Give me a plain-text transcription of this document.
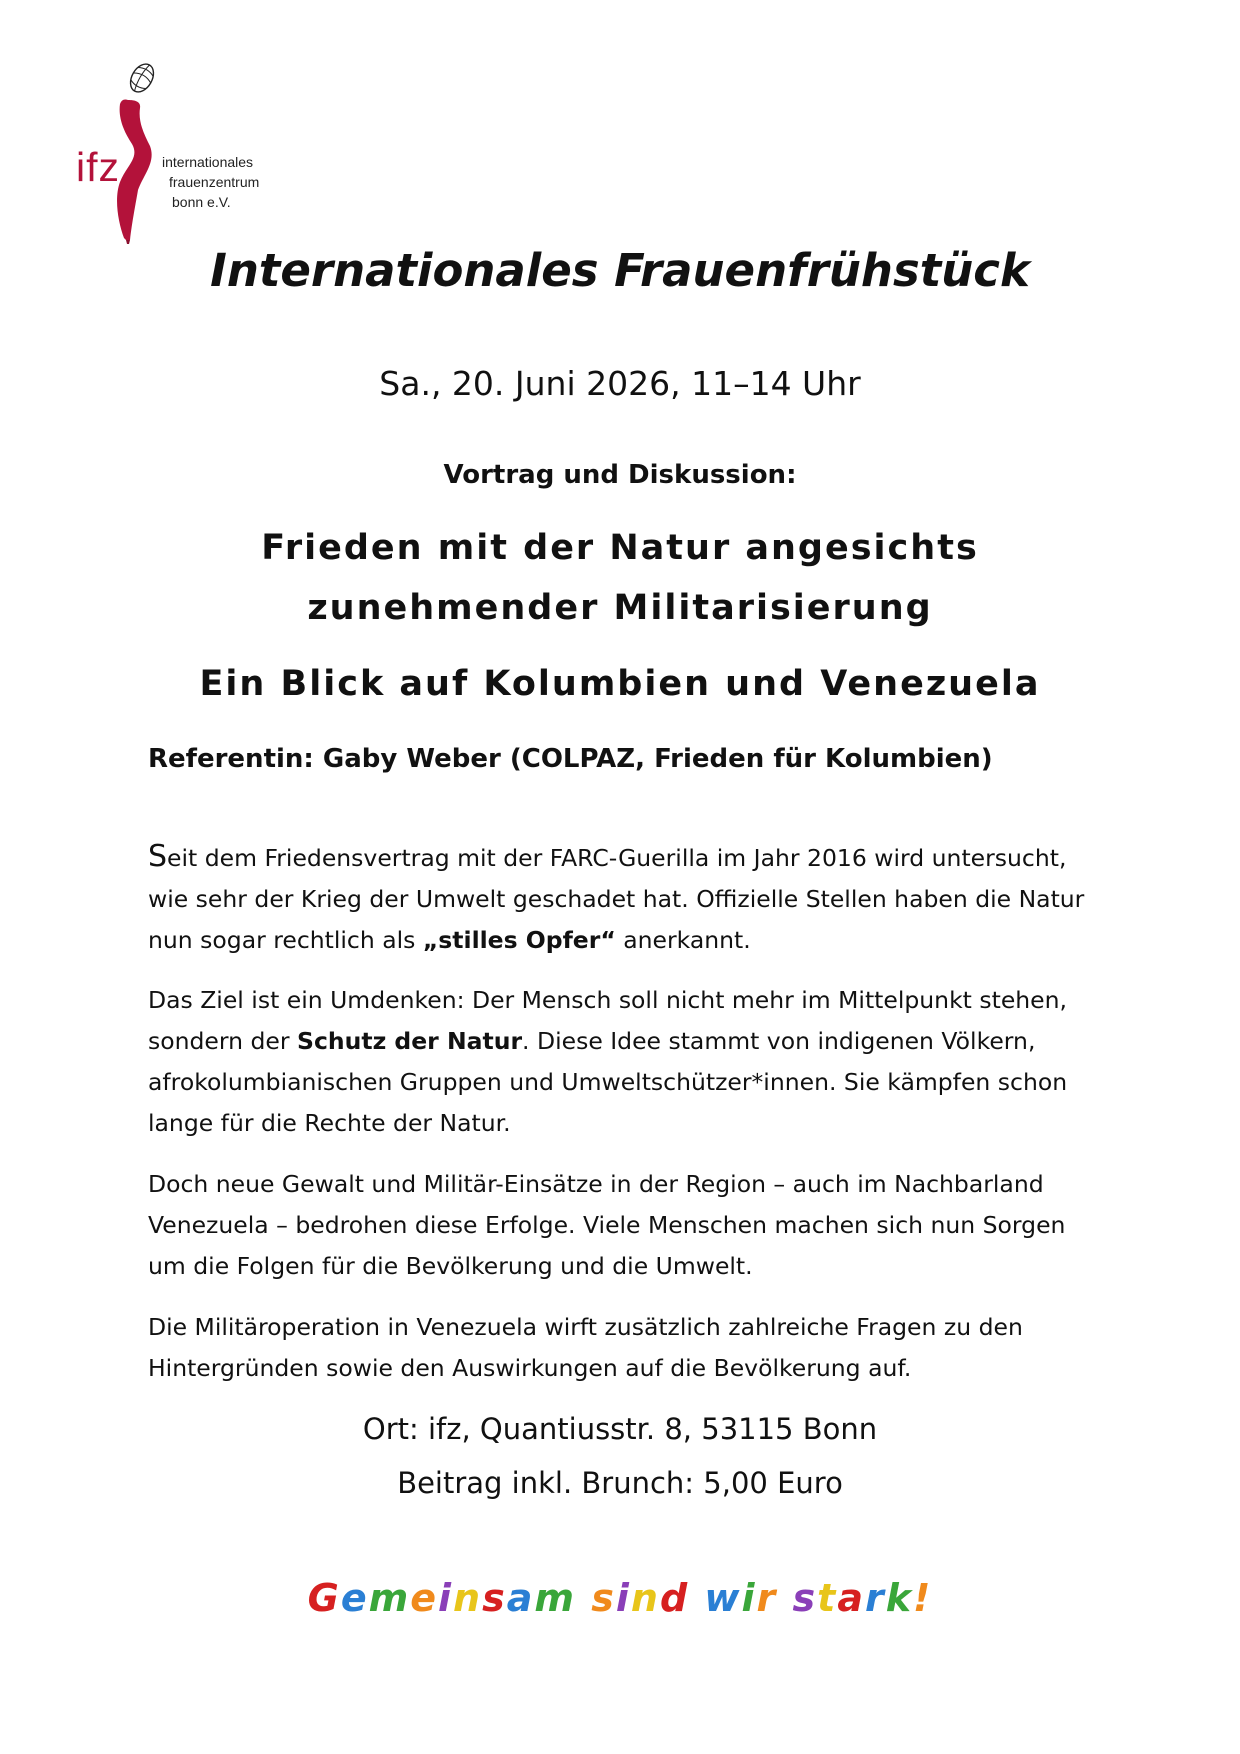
ifz	internationales
frauenzentrum
bonn e.V.
Internationales Frauenfrühstück
Sa., 20. Juni 2026, 11–14 Uhr
Vortrag und Diskussion:
Frieden mit der Natur angesichts
zunehmender Militarisierung
Ein Blick auf Kolumbien und Venezuela
Referentin: Gaby Weber (COLPAZ, Frieden für Kolumbien)
Seit dem Friedensvertrag mit der FARC-Guerilla im Jahr 2016 wird untersucht, wie sehr der Krieg der Umwelt geschadet hat. Offizielle Stellen haben die Natur nun sogar rechtlich als „stilles Opfer“ anerkannt.
Das Ziel ist ein Umdenken: Der Mensch soll nicht mehr im Mittelpunkt stehen, sondern der Schutz der Natur. Diese Idee stammt von indigenen Völkern, afrokolumbianischen Gruppen und Umweltschützer*innen. Sie kämpfen schon lange für die Rechte der Natur.
Doch neue Gewalt und Militär-Einsätze in der Region – auch im Nachbarland Venezuela – bedrohen diese Erfolge. Viele Menschen machen sich nun Sorgen um die Folgen für die Bevölkerung und die Umwelt.
Die Militäroperation in Venezuela wirft zusätzlich zahlreiche Fragen zu den Hintergründen sowie den Auswirkungen auf die Bevölkerung auf.
Ort: ifz, Quantiusstr. 8, 53115 Bonn
Beitrag inkl. Brunch: 5,00 Euro
Gemeinsam sind wir stark!
